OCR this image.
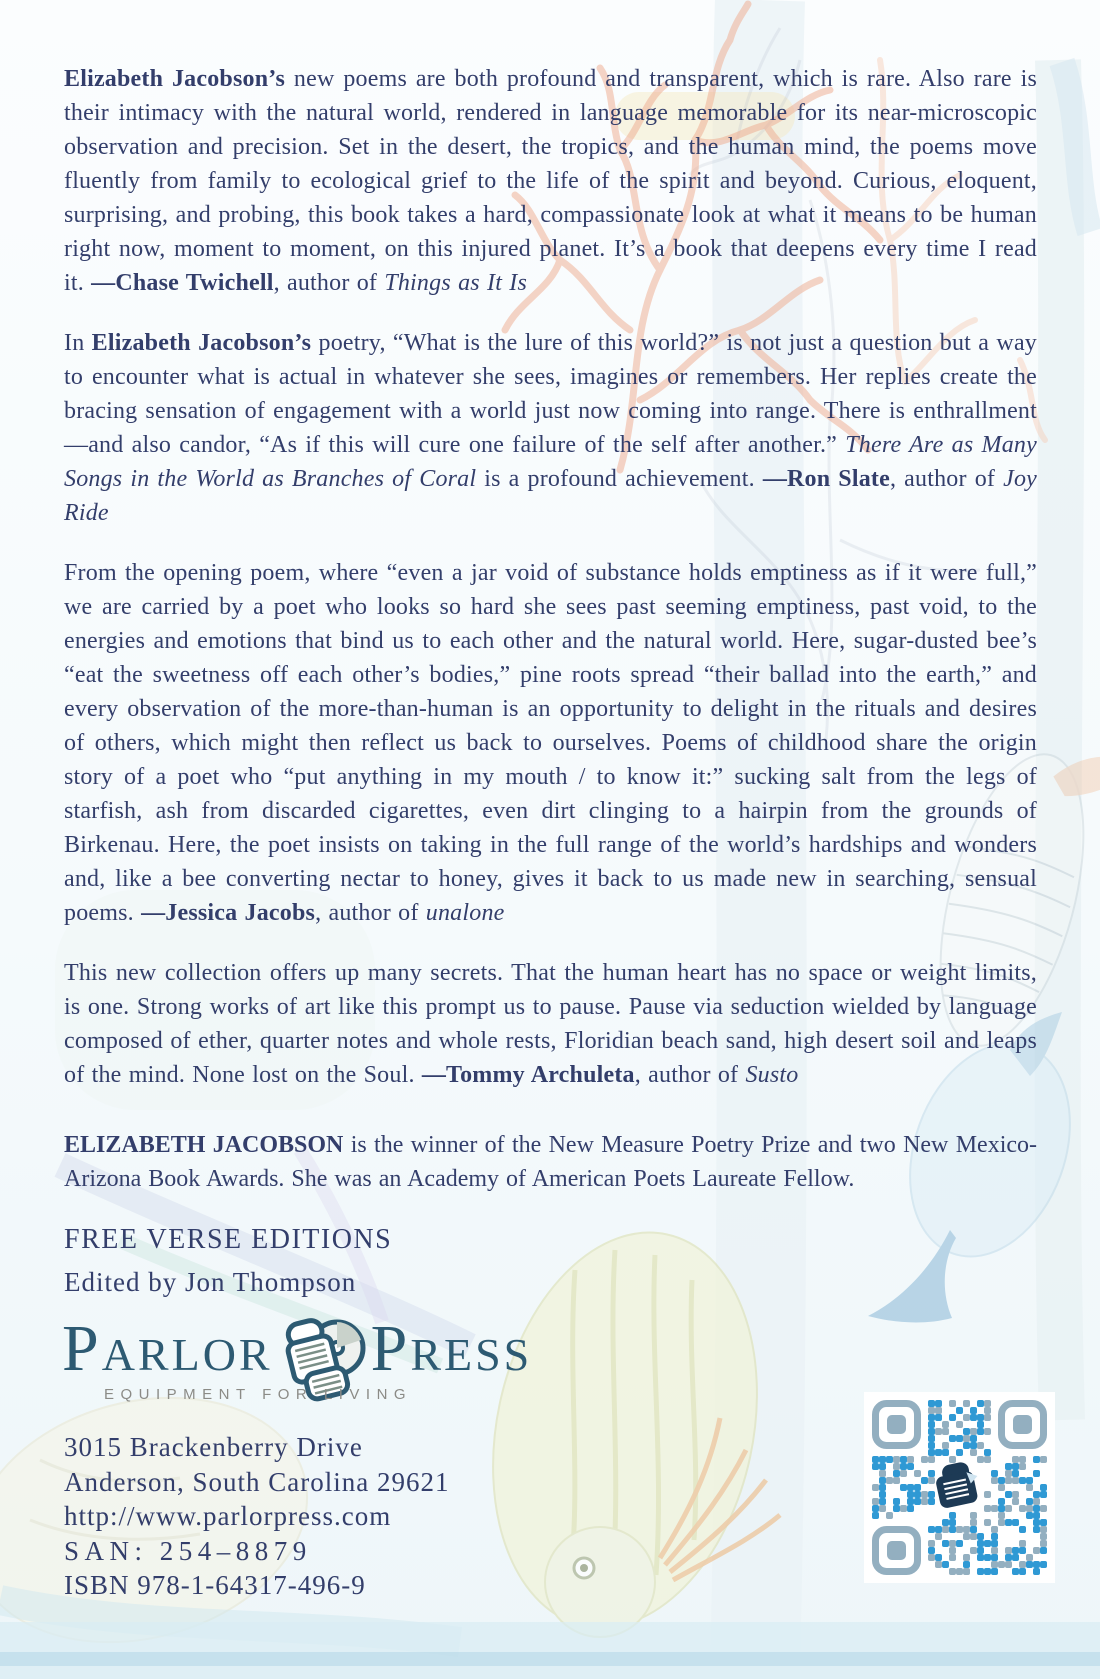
Elizabeth Jacobson’s new poems are both profound and transparent, which is rare. Also rare is their intimacy with the natural world, rendered in language memorable for its near-microscopic observation and precision. Set in the desert, the tropics, and the human mind, the poems move fluently from family to ecological grief to the life of the spirit and beyond. Curious, eloquent, surprising, and probing, this book takes a hard, compassionate look at what it means to be human right now, moment to moment, on this injured planet. It’s a book that deepens every time I read it. —Chase Twichell, author of Things as It Is

In Elizabeth Jacobson’s poetry, “What is the lure of this world?” is not just a question but a way to encounter what is actual in whatever she sees, imagines or remembers. Her replies create the bracing sensation of engagement with a world just now coming into range. There is enthrallment—and also candor, “As if this will cure one failure of the self after another.” There Are as Many Songs in the World as Branches of Coral is a profound achievement. —Ron Slate, author of Joy Ride

From the opening poem, where “even a jar void of substance holds emptiness as if it were full,” we are carried by a poet who looks so hard she sees past seeming emptiness, past void, to the energies and emotions that bind us to each other and the natural world. Here, sugar-dusted bee’s “eat the sweetness off each other’s bodies,” pine roots spread “their ballad into the earth,” and every observation of the more-than-human is an opportunity to delight in the rituals and desires of others, which might then reflect us back to ourselves. Poems of childhood share the origin story of a poet who “put anything in my mouth / to know it:” sucking salt from the legs of starfish, ash from discarded cigarettes, even dirt clinging to a hairpin from the grounds of Birkenau. Here, the poet insists on taking in the full range of the world’s hardships and wonders and, like a bee converting nectar to honey, gives it back to us made new in searching, sensual poems. —Jessica Jacobs, author of unalone

This new collection offers up many secrets. That the human heart has no space or weight limits, is one. Strong works of art like this prompt us to pause. Pause via seduction wielded by language composed of ether, quarter notes and whole rests, Floridian beach sand, high desert soil and leaps of the mind. None lost on the Soul. —Tommy Archuleta, author of Susto

ELIZABETH JACOBSON is the winner of the New Measure Poetry Prize and two New Mexico-Arizona Book Awards. She was an Academy of American Poets Laureate Fellow.

FREE VERSE EDITIONS
Edited by Jon Thompson
Parlor Press
EQUIPMENT FOR LIVING
3015 Brackenberry Drive
Anderson, South Carolina 29621
http://www.parlorpress.com
SAN: 254–8879
ISBN 978-1-64317-496-9
